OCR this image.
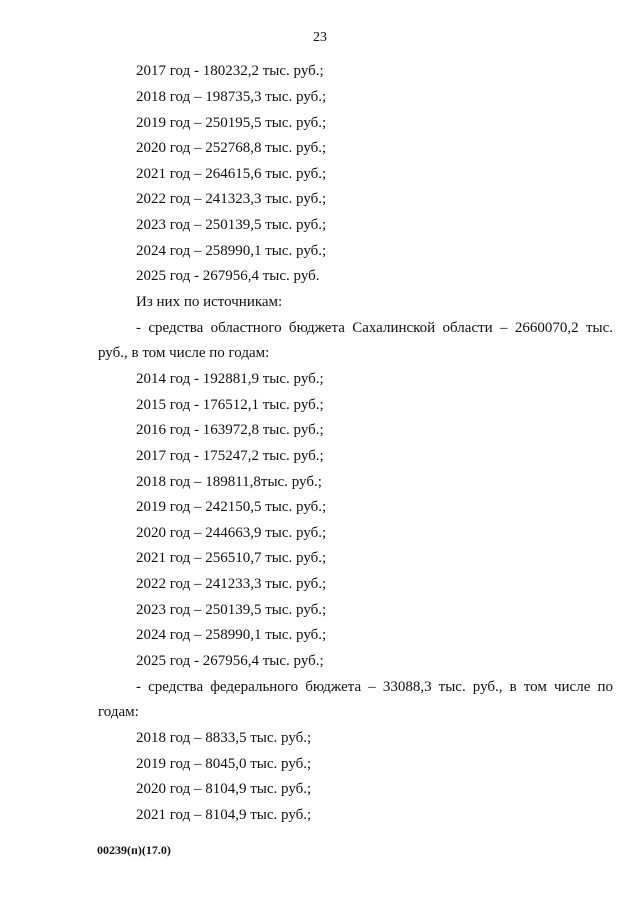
23
2017 год - 180232,2 тыс. руб.;
2018 год – 198735,3 тыс. руб.;
2019 год – 250195,5 тыс. руб.;
2020 год – 252768,8 тыс. руб.;
2021 год – 264615,6 тыс. руб.;
2022 год – 241323,3 тыс. руб.;
2023 год – 250139,5 тыс. руб.;
2024 год – 258990,1 тыс. руб.;
2025 год - 267956,4 тыс. руб.
Из них по источникам:
- средства областного бюджета Сахалинской области – 2660070,2 тыс.
руб., в том числе по годам:
2014 год - 192881,9 тыс. руб.;
2015 год - 176512,1 тыс. руб.;
2016 год - 163972,8 тыс. руб.;
2017 год - 175247,2 тыс. руб.;
2018 год – 189811,8тыс. руб.;
2019 год – 242150,5 тыс. руб.;
2020 год – 244663,9 тыс. руб.;
2021 год – 256510,7 тыс. руб.;
2022 год – 241233,3 тыс. руб.;
2023 год – 250139,5 тыс. руб.;
2024 год – 258990,1 тыс. руб.;
2025 год - 267956,4 тыс. руб.;
- средства федерального бюджета – 33088,3 тыс. руб., в том числе по
годам:
2018 год – 8833,5 тыс. руб.;
2019 год – 8045,0 тыс. руб.;
2020 год – 8104,9 тыс. руб.;
2021 год – 8104,9 тыс. руб.;
00239(п)(17.0)
